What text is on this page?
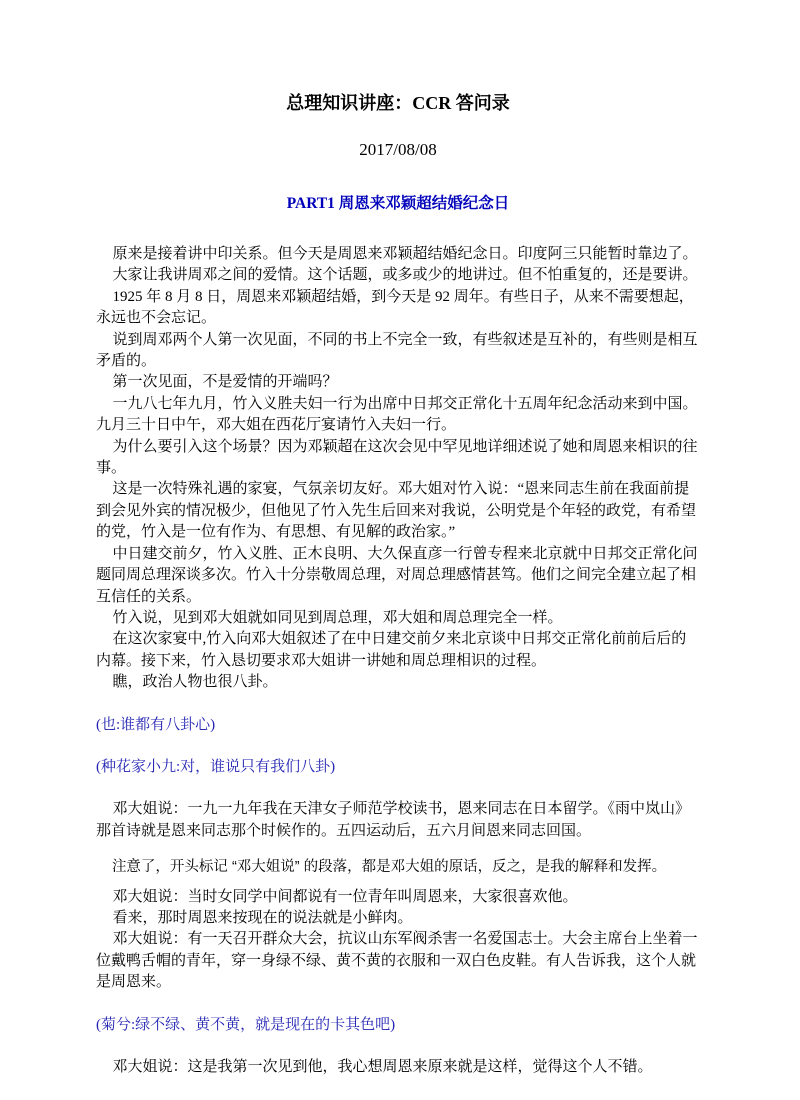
总理知识讲座：CCR 答问录

2017/08/08

PART1 周恩来邓颖超结婚纪念日

原来是接着讲中印关系。但今天是周恩来邓颖超结婚纪念日。印度阿三只能暂时靠边了。

大家让我讲周邓之间的爱情。这个话题，或多或少的地讲过。但不怕重复的，还是要讲。

1925 年 8 月 8 日，周恩来邓颖超结婚，到今天是 92 周年。有些日子，从来不需要想起，永远也不会忘记。

说到周邓两个人第一次见面，不同的书上不完全一致，有些叙述是互补的，有些则是相互矛盾的。

第一次见面，不是爱情的开端吗？

一九八七年九月，竹入义胜夫妇一行为出席中日邦交正常化十五周年纪念活动来到中国。九月三十日中午，邓大姐在西花厅宴请竹入夫妇一行。

为什么要引入这个场景？因为邓颖超在这次会见中罕见地详细述说了她和周恩来相识的往事。

这是一次特殊礼遇的家宴，气氛亲切友好。邓大姐对竹入说：“恩来同志生前在我面前提到会见外宾的情况极少，但他见了竹入先生后回来对我说，公明党是个年轻的政党，有希望的党，竹入是一位有作为、有思想、有见解的政治家。”

中日建交前夕，竹入义胜、正木良明、大久保直彦一行曾专程来北京就中日邦交正常化问题同周总理深谈多次。竹入十分崇敬周总理，对周总理感情甚笃。他们之间完全建立起了相互信任的关系。

竹入说，见到邓大姐就如同见到周总理，邓大姐和周总理完全一样。

在这次家宴中,竹入向邓大姐叙述了在中日建交前夕来北京谈中日邦交正常化前前后后的内幕。接下来，竹入恳切要求邓大姐讲一讲她和周总理相识的过程。

瞧，政治人物也很八卦。

(也:谁都有八卦心)

(种花家小九:对，谁说只有我们八卦)

邓大姐说：一九一九年我在天津女子师范学校读书，恩来同志在日本留学。《雨中岚山》那首诗就是恩来同志那个时候作的。五四运动后，五六月间恩来同志回国。

注意了，开头标记 “邓大姐说” 的段落，都是邓大姐的原话，反之，是我的解释和发挥。

邓大姐说：当时女同学中间都说有一位青年叫周恩来，大家很喜欢他。

看来，那时周恩来按现在的说法就是小鲜肉。

邓大姐说：有一天召开群众大会，抗议山东军阀杀害一名爱国志士。大会主席台上坐着一位戴鸭舌帽的青年，穿一身绿不绿、黄不黄的衣服和一双白色皮鞋。有人告诉我，这个人就是周恩来。

(菊兮:绿不绿、黄不黄，就是现在的卡其色吧)

邓大姐说：这是我第一次见到他，我心想周恩来原来就是这样，觉得这个人不错。
